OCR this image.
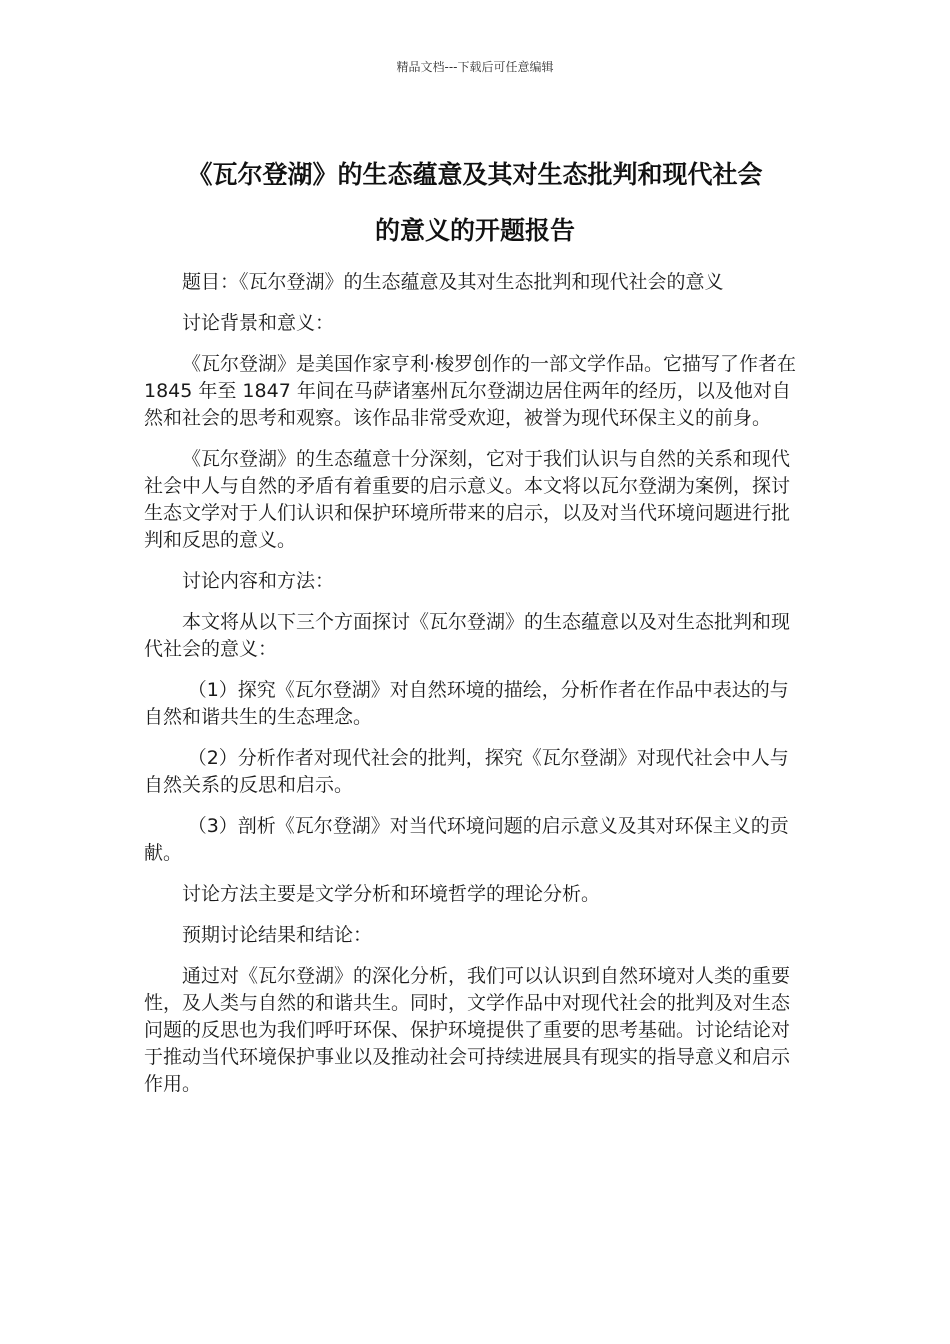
精品文档---下载后可任意编辑
《瓦尔登湖》的生态蕴意及其对生态批判和现代社会
的意义的开题报告

题目：《瓦尔登湖》的生态蕴意及其对生态批判和现代社会的意义

讨论背景和意义：

《瓦尔登湖》是美国作家亨利·梭罗创作的一部文学作品。它描写了作者在 1845 年至 1847 年间在马萨诸塞州瓦尔登湖边居住两年的经历，以及他对自然和社会的思考和观察。该作品非常受欢迎，被誉为现代环保主义的前身。

《瓦尔登湖》的生态蕴意十分深刻，它对于我们认识与自然的关系和现代社会中人与自然的矛盾有着重要的启示意义。本文将以瓦尔登湖为案例，探讨生态文学对于人们认识和保护环境所带来的启示，以及对当代环境问题进行批判和反思的意义。

讨论内容和方法：

本文将从以下三个方面探讨《瓦尔登湖》的生态蕴意以及对生态批判和现代社会的意义：

（1）探究《瓦尔登湖》对自然环境的描绘，分析作者在作品中表达的与自然和谐共生的生态理念。

（2）分析作者对现代社会的批判，探究《瓦尔登湖》对现代社会中人与自然关系的反思和启示。

（3）剖析《瓦尔登湖》对当代环境问题的启示意义及其对环保主义的贡献。

讨论方法主要是文学分析和环境哲学的理论分析。

预期讨论结果和结论：

通过对《瓦尔登湖》的深化分析，我们可以认识到自然环境对人类的重要性，及人类与自然的和谐共生。同时，文学作品中对现代社会的批判及对生态问题的反思也为我们呼吁环保、保护环境提供了重要的思考基础。讨论结论对于推动当代环境保护事业以及推动社会可持续进展具有现实的指导意义和启示作用。
